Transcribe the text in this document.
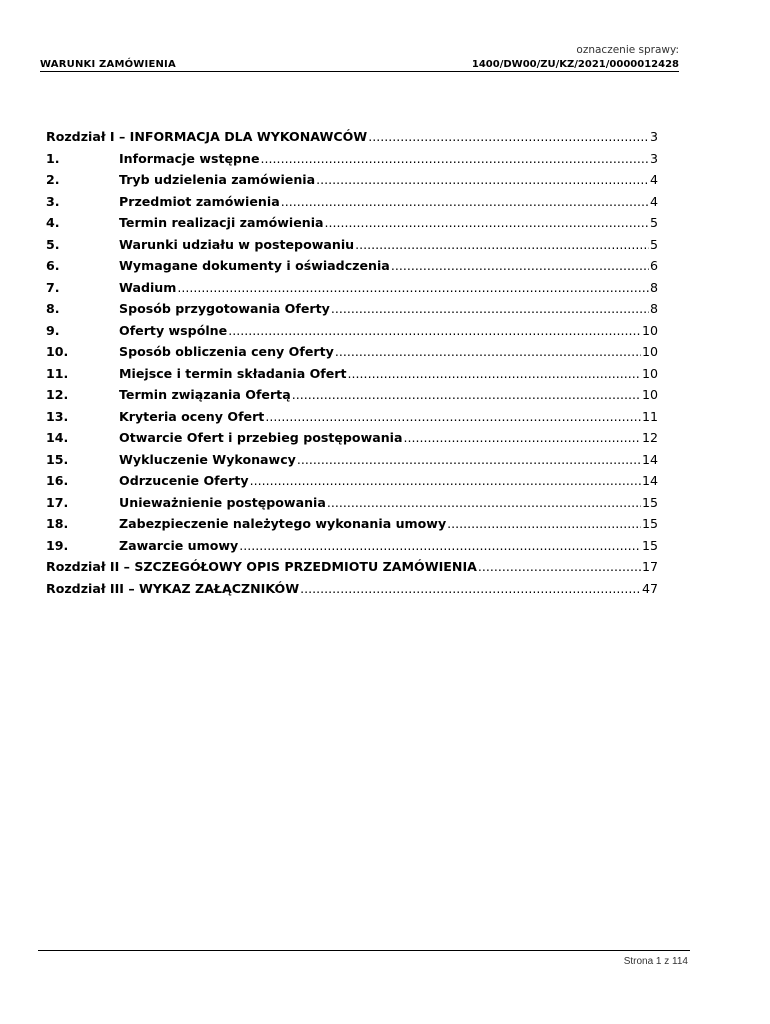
oznaczenie sprawy:
WARUNKI ZAMÓWIENIA	1400/DW00/ZU/KZ/2021/0000012428
Rozdział I – INFORMACJA DLA WYKONAWCÓW .....	3
1.	Informacje wstępne .....	3
2.	Tryb udzielenia zamówienia .....	4
3.	Przedmiot zamówienia .....	4
4.	Termin realizacji zamówienia .....	5
5.	Warunki udziału w postepowaniu .....	5
6.	Wymagane dokumenty i oświadczenia .....	6
7.	Wadium .....	8
8.	Sposób przygotowania Oferty .....	8
9.	Oferty wspólne .....	10
10.	Sposób obliczenia ceny Oferty .....	10
11.	Miejsce i termin składania Ofert .....	10
12.	Termin związania Ofertą .....	10
13.	Kryteria oceny Ofert .....	11
14.	Otwarcie Ofert i przebieg postępowania .....	12
15.	Wykluczenie Wykonawcy .....	14
16.	Odrzucenie Oferty .....	14
17.	Unieważnienie postępowania .....	15
18.	Zabezpieczenie należytego wykonania umowy .....	15
19.	Zawarcie umowy .....	15
Rozdział II – SZCZEGÓŁOWY OPIS PRZEDMIOTU ZAMÓWIENIA .....	17
Rozdział III – WYKAZ ZAŁĄCZNIKÓW .....	47
Strona 1 z 114
